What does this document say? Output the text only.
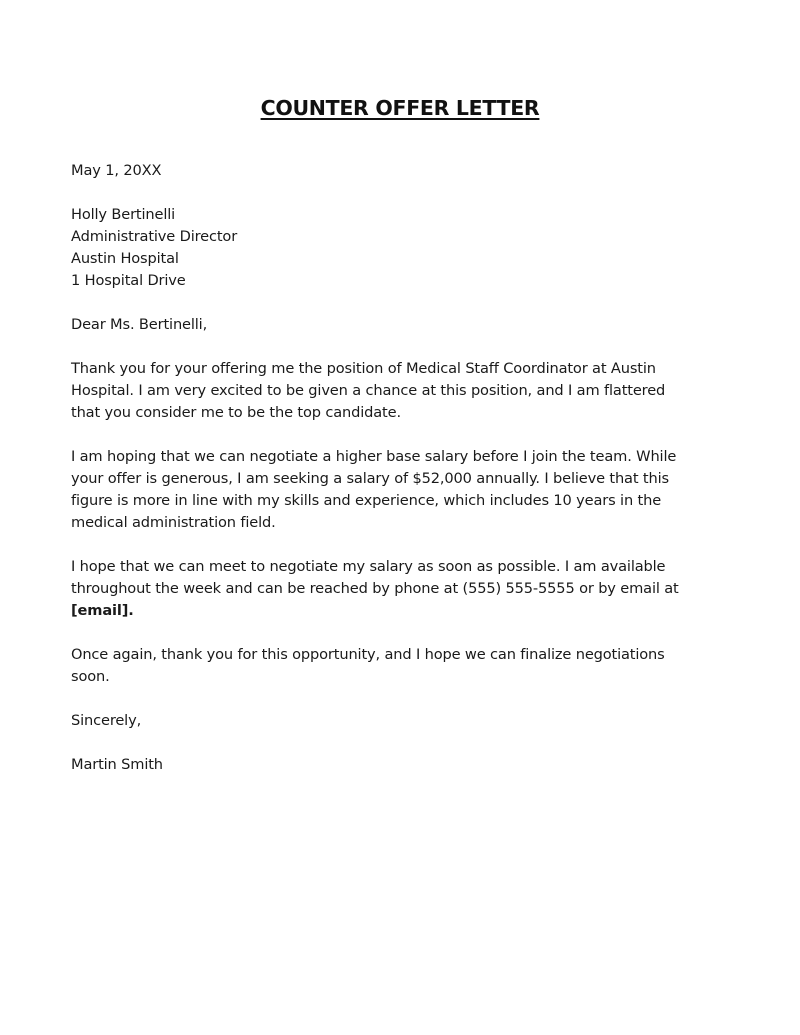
COUNTER OFFER LETTER

May 1, 20XX

Holly Bertinelli
Administrative Director
Austin Hospital
1 Hospital Drive

Dear Ms. Bertinelli,

Thank you for your offering me the position of Medical Staff Coordinator at Austin
Hospital. I am very excited to be given a chance at this position, and I am flattered
that you consider me to be the top candidate.

I am hoping that we can negotiate a higher base salary before I join the team. While
your offer is generous, I am seeking a salary of $52,000 annually. I believe that this
figure is more in line with my skills and experience, which includes 10 years in the
medical administration field.

I hope that we can meet to negotiate my salary as soon as possible. I am available
throughout the week and can be reached by phone at (555) 555-5555 or by email at
[email].

Once again, thank you for this opportunity, and I hope we can finalize negotiations
soon.

Sincerely,

Martin Smith
